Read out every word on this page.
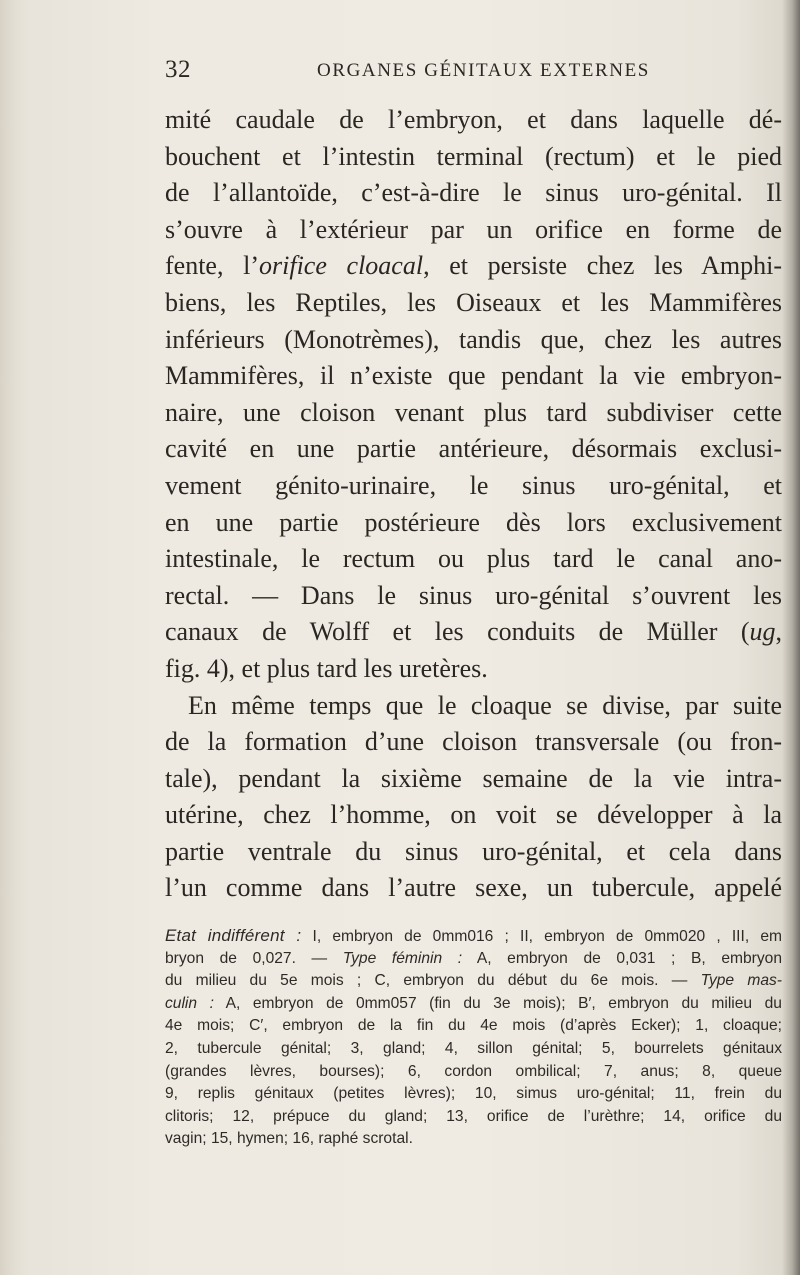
32	ORGANES GÉNITAUX EXTERNES
mité caudale de l’embryon, et dans laquelle dé-
bouchent et l’intestin terminal (rectum) et le pied
de l’allantoïde, c’est-à-dire le sinus uro-génital. Il
s’ouvre à l’extérieur par un orifice en forme de
fente, l’orifice cloacal, et persiste chez les Amphi-
biens, les Reptiles, les Oiseaux et les Mammifères
inférieurs (Monotrèmes), tandis que, chez les autres
Mammifères, il n’existe que pendant la vie embryon-
naire, une cloison venant plus tard subdiviser cette
cavité en une partie antérieure, désormais exclusi-
vement génito-urinaire, le sinus uro-génital, et
en une partie postérieure dès lors exclusivement
intestinale, le rectum ou plus tard le canal ano-
rectal. — Dans le sinus uro-génital s’ouvrent les
canaux de Wolff et les conduits de Müller (ug,
fig. 4), et plus tard les uretères.
En même temps que le cloaque se divise, par suite
de la formation d’une cloison transversale (ou fron-
tale), pendant la sixième semaine de la vie intra-
utérine, chez l’homme, on voit se développer à la
partie ventrale du sinus uro-génital, et cela dans
l’un comme dans l’autre sexe, un tubercule, appelé
Etat indifférent : I, embryon de 0mm016 ; II, embryon de 0mm020 , III, em
bryon de 0,027. — Type féminin : A, embryon de 0,031 ; B, embryon
du milieu du 5e mois ; C, embryon du début du 6e mois. — Type mas-
culin : A, embryon de 0mm057 (fin du 3e mois); B′, embryon du milieu du
4e mois; C′, embryon de la fin du 4e mois (d’après Ecker); 1, cloaque;
2, tubercule génital; 3, gland; 4, sillon génital; 5, bourrelets génitaux
(grandes lèvres, bourses); 6, cordon ombilical; 7, anus; 8, queue
9, replis génitaux (petites lèvres); 10, simus uro-génital; 11, frein du
clitoris; 12, prépuce du gland; 13, orifice de l’urèthre; 14, orifice du
vagin; 15, hymen; 16, raphé scrotal.
